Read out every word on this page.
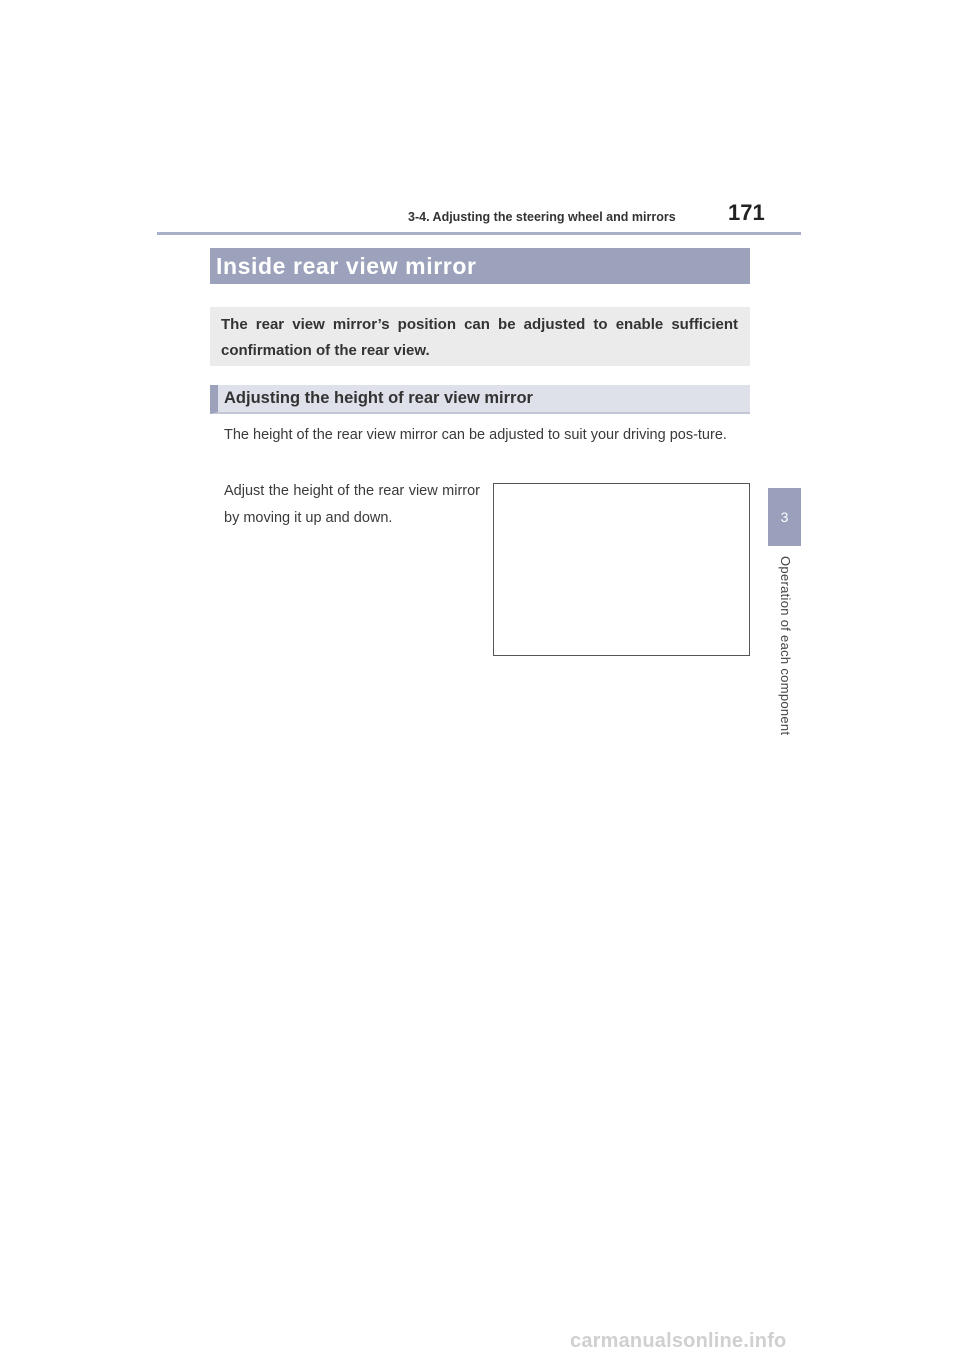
3-4. Adjusting the steering wheel and mirrors 171
3
Operation of each component
Inside rear view mirror
The rear view mirror’s position can be adjusted to enable sufficient confirmation of the rear view.
Adjusting the height of rear view mirror
The height of the rear view mirror can be adjusted to suit your driving pos-ture.
Adjust the height of the rear view mirror by moving it up and down.
carmanualsonline.info
